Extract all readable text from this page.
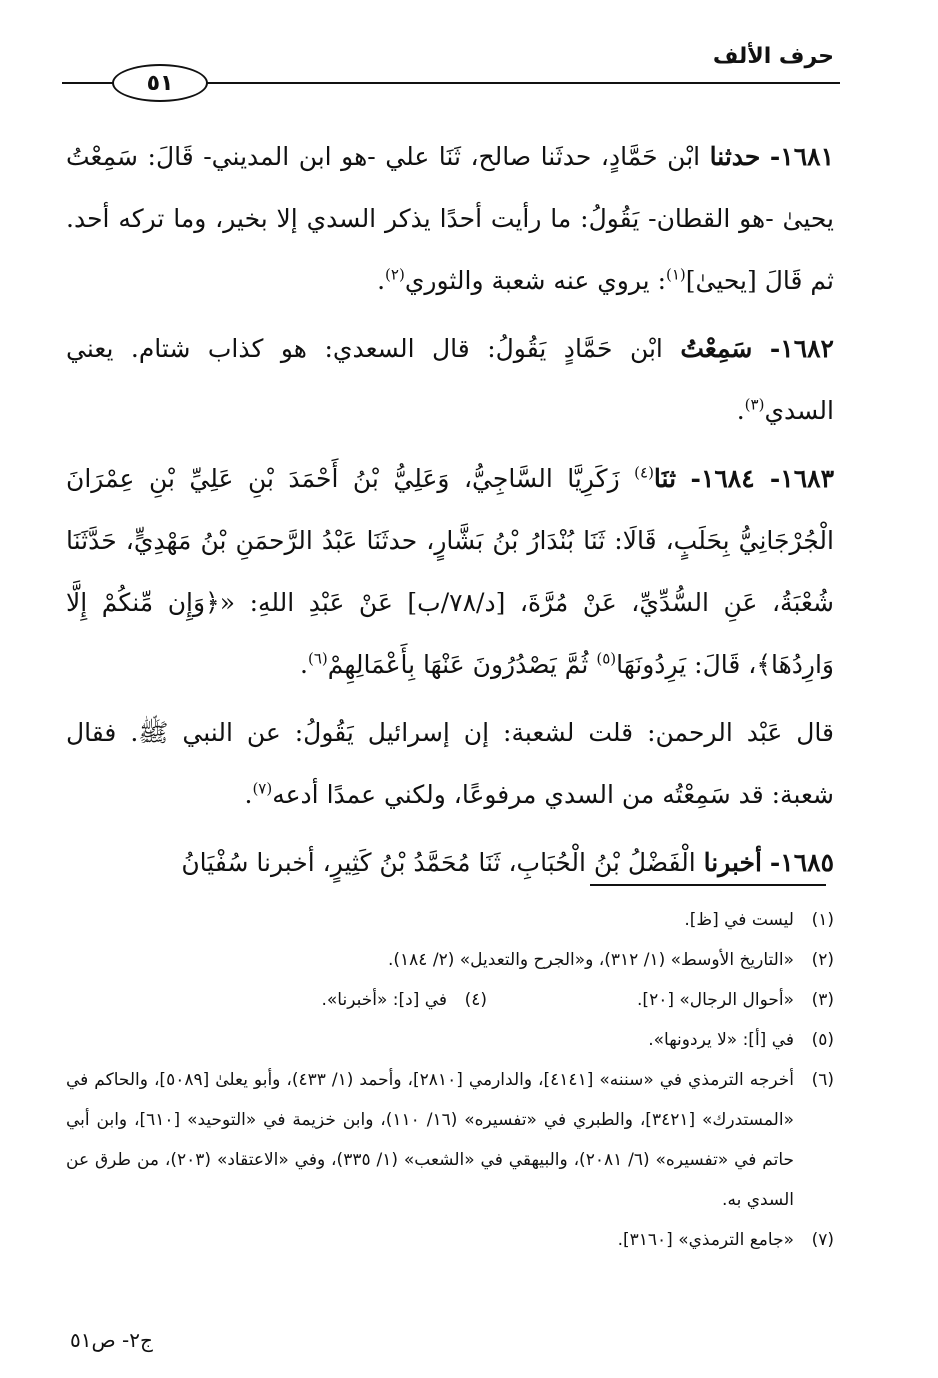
حرف الألف
٥١

١٦٨١- حدثنا ابْن حَمَّادٍ، حدثَنا صالح، ثَنَا علي -هو ابن المديني- قَالَ: سَمِعْتُ يحيىٰ -هو القطان- يَقُولُ: ما رأيت أحدًا يذكر السدي إلا بخير، وما تركه أحد. ثم قَالَ [يحيىٰ]$^{(١)}$: يروي عنه شعبة والثوري$^{(٢)}$.

١٦٨٢- سَمِعْتُ ابْن حَمَّادٍ يَقُولُ: قال السعدي: هو كذاب شتام. يعني السدي$^{(٣)}$.

١٦٨٣- ١٦٨٤- ثنَا$^{(٤)}$ زَكَرِيَّا السَّاجِيُّ، وَعَلِيُّ بْنُ أَحْمَدَ بْنِ عَلِيِّ بْنِ عِمْرَانَ الْجُرْجَانِيُّ بِحَلَبٍ، قَالَا: ثَنَا بُنْدَارُ بْنُ بَشَّارٍ، حدثَنَا عَبْدُ الرَّحمَنِ بْنُ مَهْدِيٍّ، حَدَّثَنَا شُعْبَةُ، عَنِ السُّدِّيِّ، عَنْ مُرَّةَ، [د/٧٨/ب] عَنْ عَبْدِ اللهِ: «﴿وَإِن مِّنكُمْ إِلَّا وَارِدُهَا﴾، قَالَ: يَرِدُونَهَا$^{(٥)}$ ثُمَّ يَصْدُرُونَ عَنْهَا بِأَعْمَالِهِمْ$^{(٦)}$.

قال عَبْد الرحمن: قلت لشعبة: إن إسرائيل يَقُولُ: عن النبي ﷺ. فقال شعبة: قد سَمِعْتُه من السدي مرفوعًا، ولكني عمدًا أدعه$^{(٧)}$.

١٦٨٥- أخبرنا الْفَضْلُ بْنُ الْحُبَابِ، ثَنَا مُحَمَّدُ بْنُ كَثِيرٍ، أخبرنا سُفْيَانُ

(١)
ليست في [ظ].

(٢)
«التاريخ الأوسط» (١/ ٣١٢)، و«الجرح والتعديل» (٢/ ١٨٤).

(٣)
«أحوال الرجال» [٢٠].

(٤)
في [د]: «أخبرنا».

(٥)
في [أ]: «لا يردونها».

(٦)
أخرجه الترمذي في «سننه» [٤١٤١]، والدارمي [٢٨١٠]، وأحمد (١/ ٤٣٣)، وأبو يعلىٰ [٥٠٨٩]، والحاكم في «المستدرك» [٣٤٢١]، والطبري في «تفسيره» (١٦/ ١١٠)، وابن خزيمة في «التوحيد» [٦١٠]، وابن أبي حاتم في «تفسيره» (٦/ ٢٠٨١)، والبيهقي في «الشعب» (١/ ٣٣٥)، وفي «الاعتقاد» (٢٠٣)، من طرق عن السدي به.

(٧)
«جامع الترمذي» [٣١٦٠].

ج٢- ص٥١
